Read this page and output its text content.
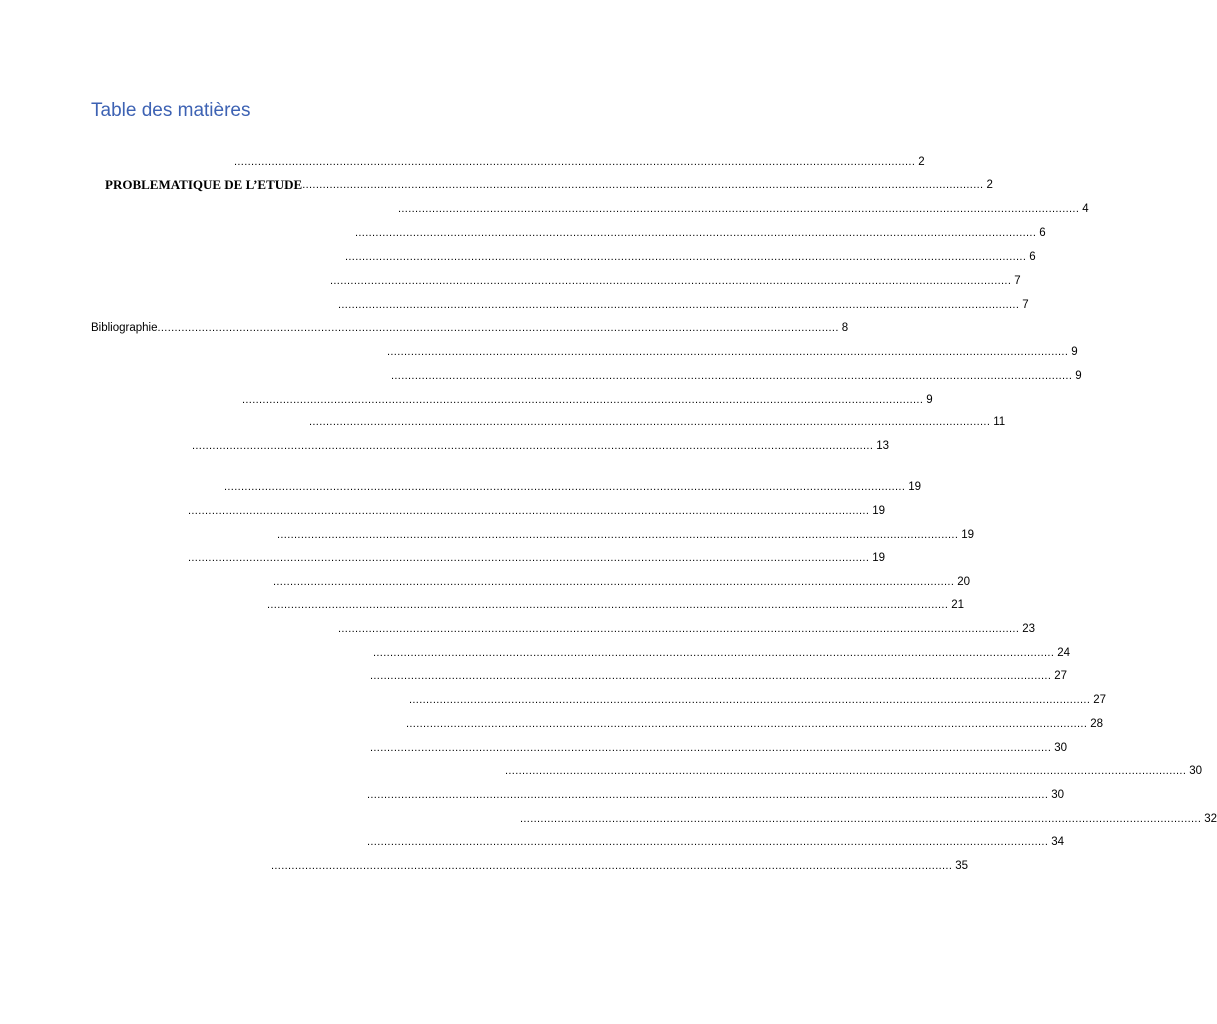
Table des matières
........................................................................................................................................................................................................ 2
PROBLEMATIQUE DE L’ETUDE ........................................................................................................................................................................................................ 2
........................................................................................................................................................................................................ 4
........................................................................................................................................................................................................ 6
........................................................................................................................................................................................................ 6
........................................................................................................................................................................................................ 7
........................................................................................................................................................................................................ 7
Bibliographie ........................................................................................................................................................................................................ 8
........................................................................................................................................................................................................ 9
........................................................................................................................................................................................................ 9
........................................................................................................................................................................................................ 9
........................................................................................................................................................................................................ 11
........................................................................................................................................................................................................ 13
........................................................................................................................................................................................................ 19
........................................................................................................................................................................................................ 19
........................................................................................................................................................................................................ 19
........................................................................................................................................................................................................ 19
........................................................................................................................................................................................................ 20
........................................................................................................................................................................................................ 21
........................................................................................................................................................................................................ 23
........................................................................................................................................................................................................ 24
........................................................................................................................................................................................................ 27
........................................................................................................................................................................................................ 27
........................................................................................................................................................................................................ 28
........................................................................................................................................................................................................ 30
........................................................................................................................................................................................................ 30
........................................................................................................................................................................................................ 30
........................................................................................................................................................................................................ 32
........................................................................................................................................................................................................ 34
........................................................................................................................................................................................................ 35
